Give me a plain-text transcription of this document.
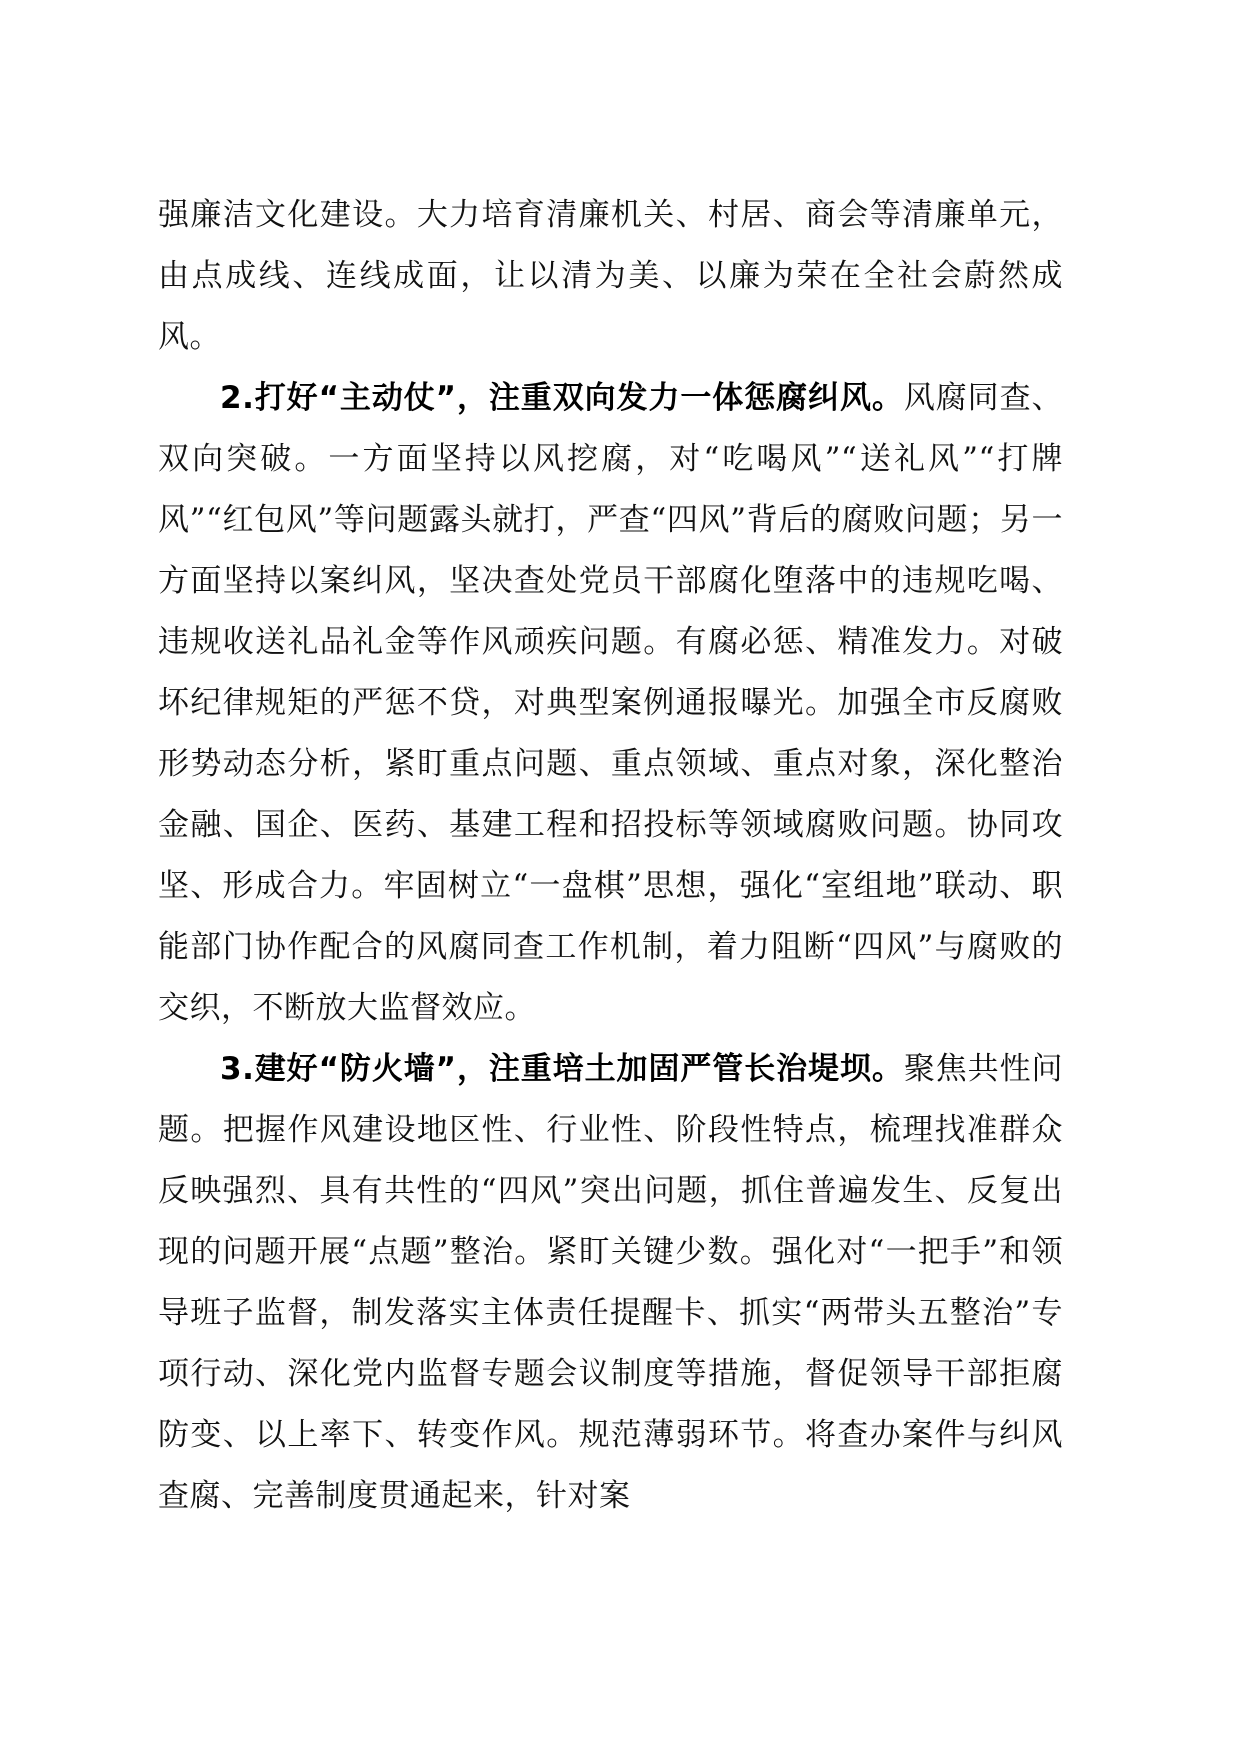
强廉洁文化建设。大力培育清廉机关、村居、商会等清廉单元，由点成线、连线成面，让以清为美、以廉为荣在全社会蔚然成风。

2.打好“主动仗”，注重双向发力一体惩腐纠风。风腐同查、双向突破。一方面坚持以风挖腐，对“吃喝风”“送礼风”“打牌风”“红包风”等问题露头就打，严查“四风”背后的腐败问题；另一方面坚持以案纠风，坚决查处党员干部腐化堕落中的违规吃喝、违规收送礼品礼金等作风顽疾问题。有腐必惩、精准发力。对破坏纪律规矩的严惩不贷，对典型案例通报曝光。加强全市反腐败形势动态分析，紧盯重点问题、重点领域、重点对象，深化整治金融、国企、医药、基建工程和招投标等领域腐败问题。协同攻坚、形成合力。牢固树立“一盘棋”思想，强化“室组地”联动、职能部门协作配合的风腐同查工作机制，着力阻断“四风”与腐败的交织，不断放大监督效应。

3.建好“防火墙”，注重培土加固严管长治堤坝。聚焦共性问题。把握作风建设地区性、行业性、阶段性特点，梳理找准群众反映强烈、具有共性的“四风”突出问题，抓住普遍发生、反复出现的问题开展“点题”整治。紧盯关键少数。强化对“一把手”和领导班子监督，制发落实主体责任提醒卡、抓实“两带头五整治”专项行动、深化党内监督专题会议制度等措施，督促领导干部拒腐防变、以上率下、转变作风。规范薄弱环节。将查办案件与纠风查腐、完善制度贯通起来，针对案
